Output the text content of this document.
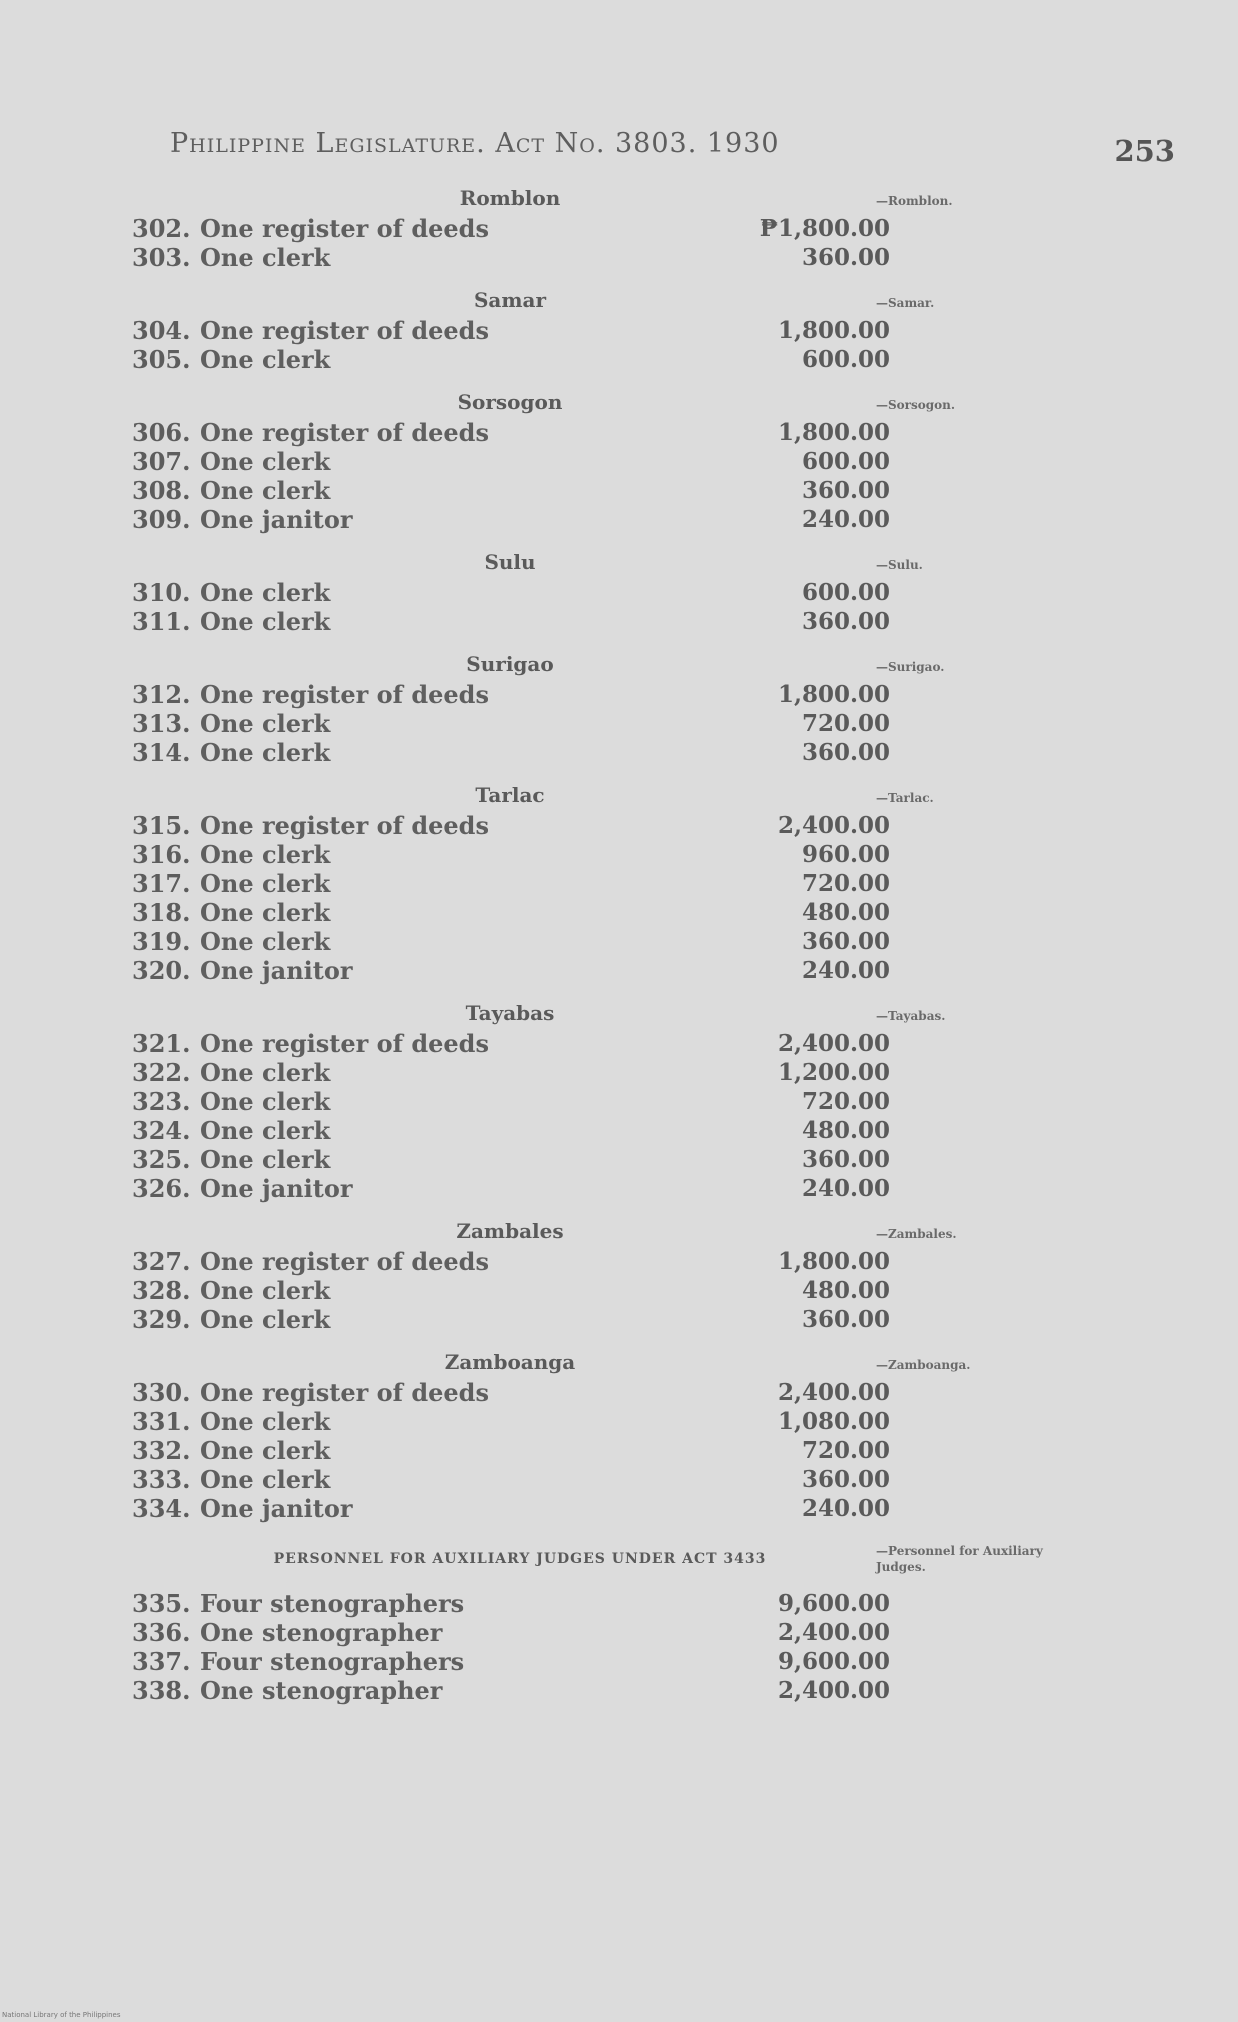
Philippine Legislature. Act No. 3803. 1930	253
Romblon	—Romblon.
302. One register of deeds	₱1,800.00
303. One clerk	360.00
Samar	—Samar.
304. One register of deeds	1,800.00
305. One clerk	600.00
Sorsogon	—Sorsogon.
306. One register of deeds	1,800.00
307. One clerk	600.00
308. One clerk	360.00
309. One janitor	240.00
Sulu	—Sulu.
310. One clerk	600.00
311. One clerk	360.00
Surigao	—Surigao.
312. One register of deeds	1,800.00
313. One clerk	720.00
314. One clerk	360.00
Tarlac	—Tarlac.
315. One register of deeds	2,400.00
316. One clerk	960.00
317. One clerk	720.00
318. One clerk	480.00
319. One clerk	360.00
320. One janitor	240.00
Tayabas	—Tayabas.
321. One register of deeds	2,400.00
322. One clerk	1,200.00
323. One clerk	720.00
324. One clerk	480.00
325. One clerk	360.00
326. One janitor	240.00
Zambales	—Zambales.
327. One register of deeds	1,800.00
328. One clerk	480.00
329. One clerk	360.00
Zamboanga	—Zamboanga.
330. One register of deeds	2,400.00
331. One clerk	1,080.00
332. One clerk	720.00
333. One clerk	360.00
334. One janitor	240.00
PERSONNEL FOR AUXILIARY JUDGES UNDER ACT 3433	—Personnel for Auxiliary Judges.
335. Four stenographers	9,600.00
336. One stenographer	2,400.00
337. Four stenographers	9,600.00
338. One stenographer	2,400.00
National Library of the Philippines
